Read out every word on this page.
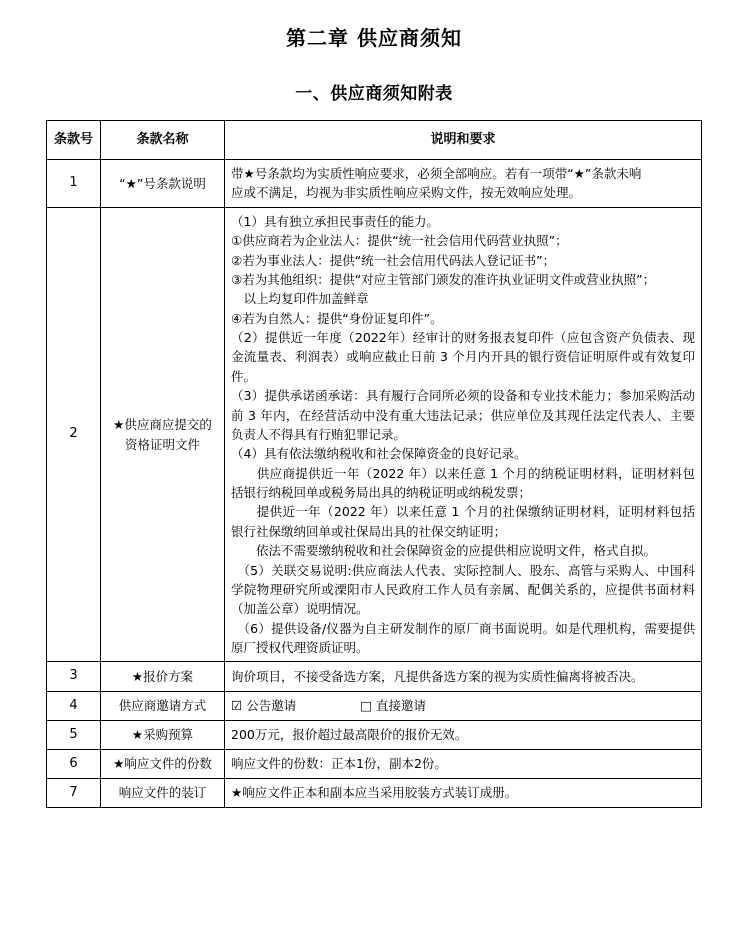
第二章 供应商须知
一、供应商须知附表
条款号	条款名称	说明和要求
1	“★”号条款说明	带★号条款均为实质性响应要求，必须全部响应。若有一项带“★”条款未响

应或不满足，均视为非实质性响应采购文件，按无效响应处理。

2	★供应商应提交的资格证明文件	

（1）具有独立承担民事责任的能力。

①供应商若为企业法人：提供“统一社会信用代码营业执照”；

②若为事业法人：提供“统一社会信用代码法人登记证书”；

③若为其他组织：提供“对应主管部门颁发的准许执业证明文件或营业执照”；

　以上均复印件加盖鲜章

④若为自然人：提供“身份证复印件”。

（2）提供近一年度（2022年）经审计的财务报表复印件（应包含资产负债表、现金流量表、利润表）或响应截止日前 3 个月内开具的银行资信证明原件或有效复印件。

（3）提供承诺函承诺：具有履行合同所必须的设备和专业技术能力；参加采购活动前 3 年内，在经营活动中没有重大违法记录；供应单位及其现任法定代表人、主要负责人不得具有行贿犯罪记录。

（4）具有依法缴纳税收和社会保障资金的良好记录。

　　供应商提供近一年（2022 年）以来任意 1 个月的纳税证明材料，证明材料包括银行纳税回单或税务局出具的纳税证明或纳税发票；

　　提供近一年（2022 年）以来任意 1 个月的社保缴纳证明材料，证明材料包括银行社保缴纳回单或社保局出具的社保交纳证明；

　　依法不需要缴纳税收和社会保障资金的应提供相应说明文件，格式自拟。

　（5）关联交易说明:供应商法人代表、实际控制人、股东、高管与采购人、中国科学院物理研究所或溧阳市人民政府工作人员有亲属、配偶关系的，应提供书面材料（加盖公章）说明情况。

　（6）提供设备/仪器为自主研发制作的原厂商书面说明。如是代理机构，需要提供原厂授权代理资质证明。

3	★报价方案	询价项目，不接受备选方案，凡提供备选方案的视为实质性偏离将被否决。

4	供应商邀请方式	☑ 公告邀请 □ 直接邀请

5	★采购预算	200万元，报价超过最高限价的报价无效。

6	★响应文件的份数	响应文件的份数：正本1份，副本2份。

7	响应文件的装订	★响应文件正本和副本应当采用胶装方式装订成册。
